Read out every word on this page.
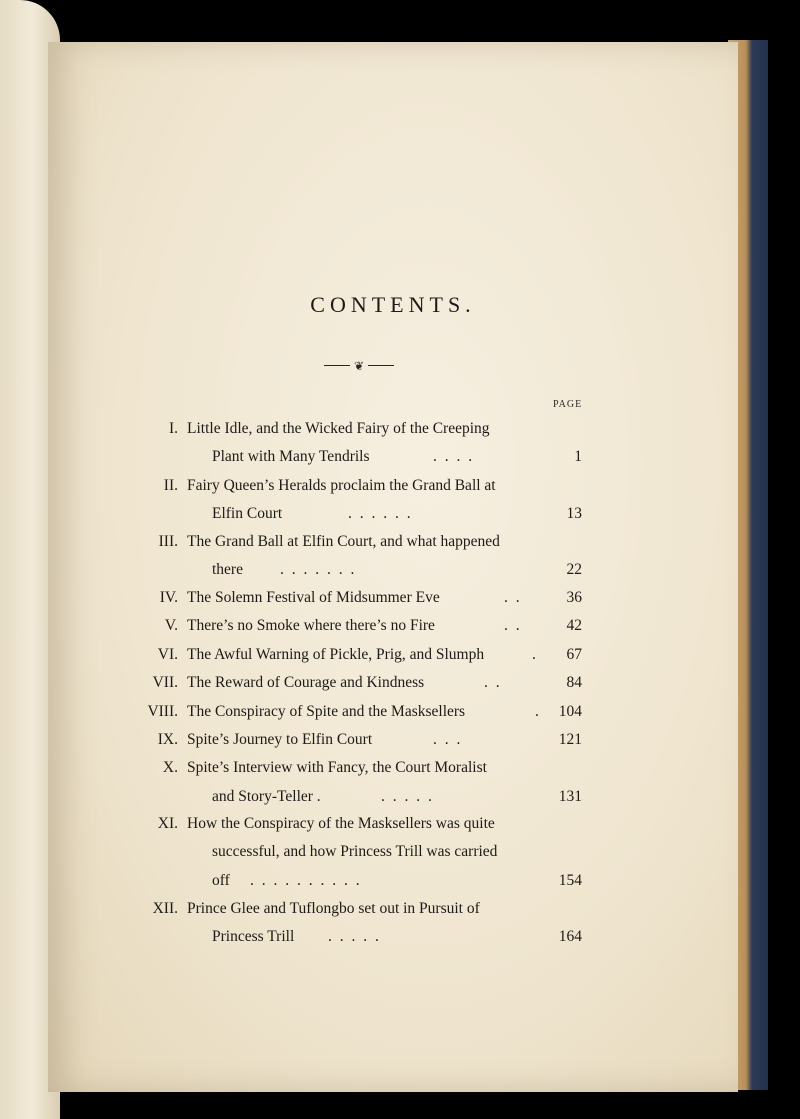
CONTENTS.
❦
PAGE
I. Little Idle, and the Wicked Fairy of the Creeping
Plant with Many Tendrils	. . . .	1
II. Fairy Queen’s Heralds proclaim the Grand Ball at
Elfin Court	. . . . . .	13
III. The Grand Ball at Elfin Court, and what happened
there . . . . . . .	22
IV. The Solemn Festival of Midsummer Eve	. .	36
V. There’s no Smoke where there’s no Fire	. .	42
VI. The Awful Warning of Pickle, Prig, and Slumph	. 67
VII. The Reward of Courage and Kindness	. .	84
VIII. The Conspiracy of Spite and the Masksellers	. 104
IX. Spite’s Journey to Elfin Court	. . .	121
X. Spite’s Interview with Fancy, the Court Moralist
and Story-Teller .	. . . . .	131
XI. How the Conspiracy of the Masksellers was quite
successful, and how Princess Trill was carried
off . . . . . . . . . .	154
XII. Prince Glee and Tuflongbo set out in Pursuit of
Princess Trill . . . . .	164
